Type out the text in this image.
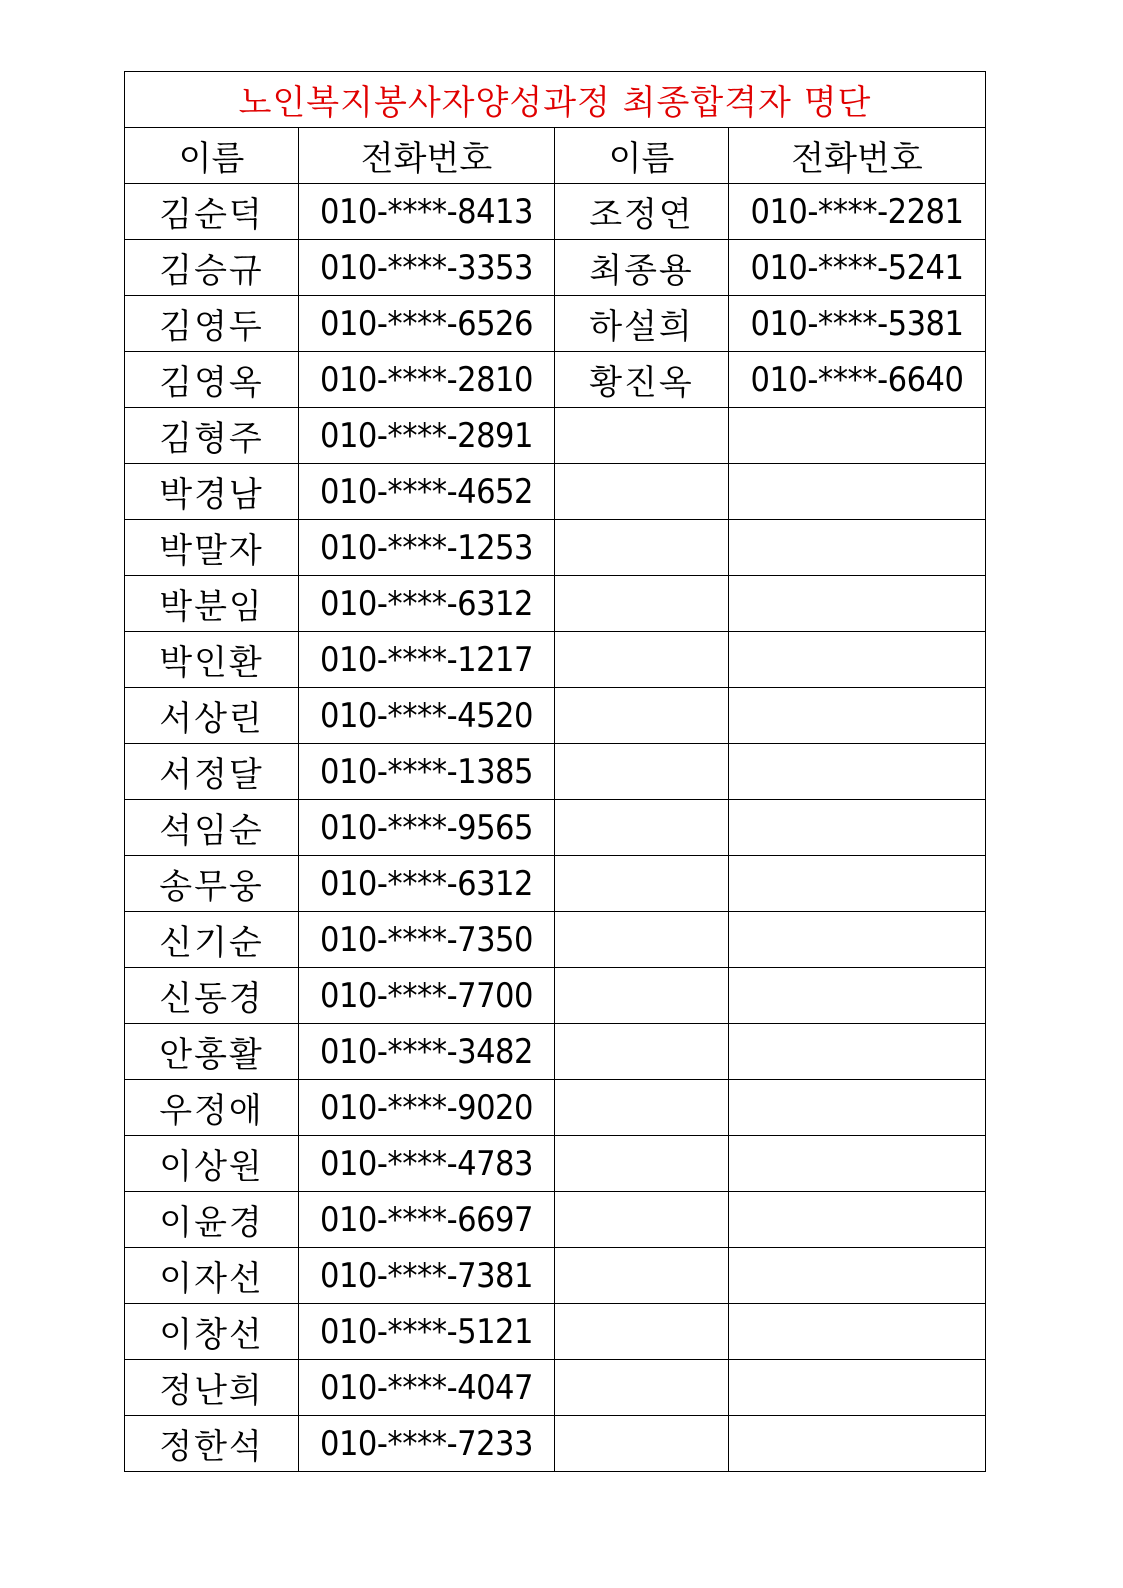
노인복지봉사자양성과정 최종합격자 명단			
이름	전화번호	이름	전화번호
김순덕	010-****-8413	조정연	010-****-2281
김승규	010-****-3353	최종용	010-****-5241
김영두	010-****-6526	하설희	010-****-5381
김영옥	010-****-2810	황진옥	010-****-6640
김형주	010-****-2891		
박경남	010-****-4652		
박말자	010-****-1253		
박분임	010-****-6312		
박인환	010-****-1217		
서상린	010-****-4520		
서정달	010-****-1385		
석임순	010-****-9565		
송무웅	010-****-6312		
신기순	010-****-7350		
신동경	010-****-7700		
안홍활	010-****-3482		
우정애	010-****-9020		
이상원	010-****-4783		
이윤경	010-****-6697		
이자선	010-****-7381		
이창선	010-****-5121		
정난희	010-****-4047		
정한석	010-****-7233		
